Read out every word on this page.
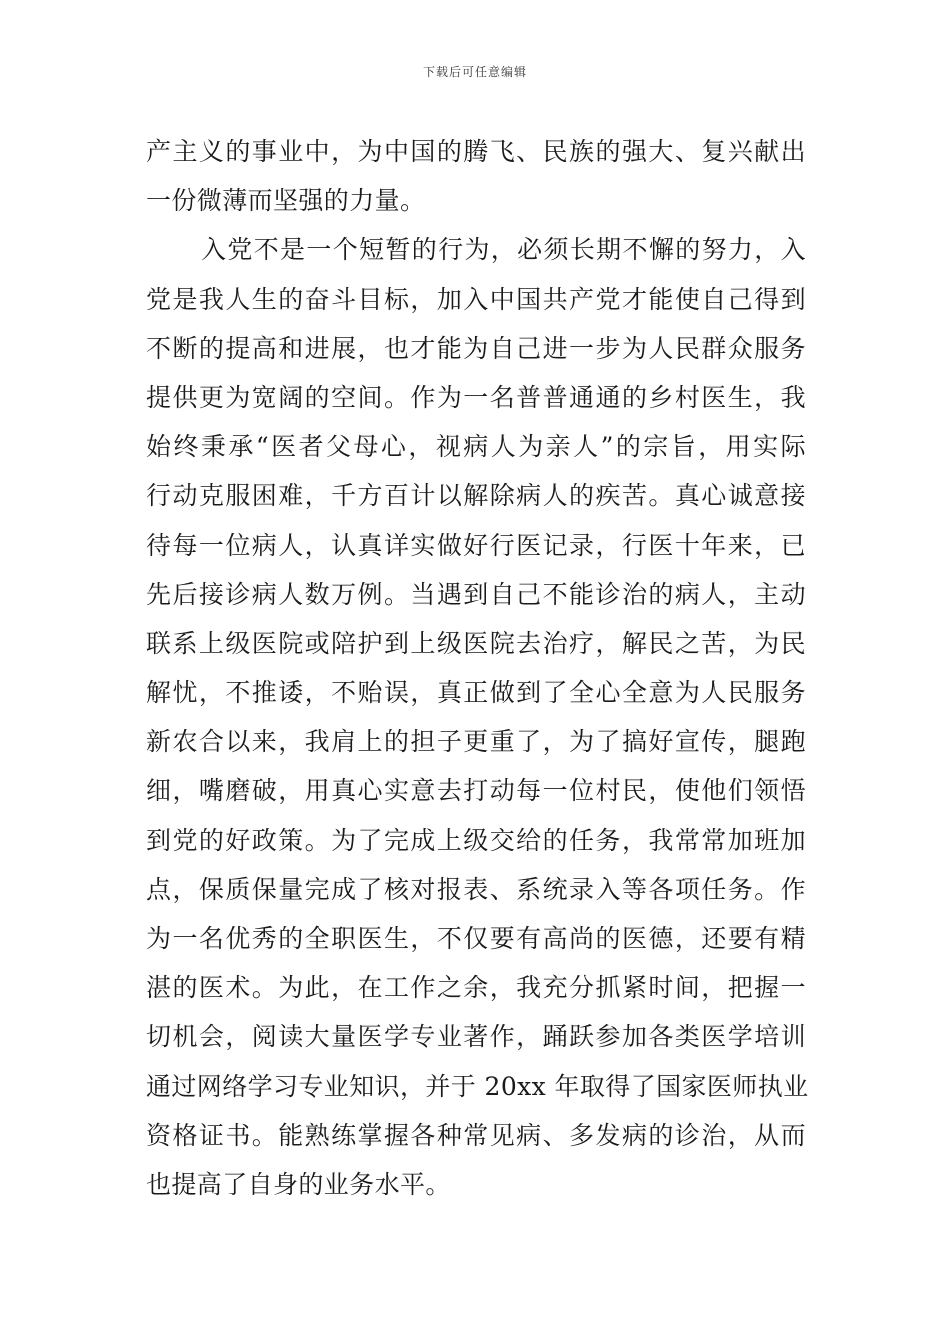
下载后可任意编辑
产主义的事业中，为中国的腾飞、民族的强大、复兴献出
一份微薄而坚强的力量。
入党不是一个短暂的行为，必须长期不懈的努力，入
党是我人生的奋斗目标，加入中国共产党才能使自己得到
不断的提高和进展，也才能为自己进一步为人民群众服务
提供更为宽阔的空间。作为一名普普通通的乡村医生，我
始终秉承“医者父母心，视病人为亲人”的宗旨，用实际
行动克服困难，千方百计以解除病人的疾苦。真心诚意接
待每一位病人，认真详实做好行医记录，行医十年来，已
先后接诊病人数万例。当遇到自己不能诊治的病人，主动
联系上级医院或陪护到上级医院去治疗，解民之苦，为民
解忧，不推诿，不贻误，真正做到了全心全意为人民服务
新农合以来，我肩上的担子更重了，为了搞好宣传，腿跑
细，嘴磨破，用真心实意去打动每一位村民，使他们领悟
到党的好政策。为了完成上级交给的任务，我常常加班加
点，保质保量完成了核对报表、系统录入等各项任务。作
为一名优秀的全职医生，不仅要有高尚的医德，还要有精
湛的医术。为此，在工作之余，我充分抓紧时间，把握一
切机会，阅读大量医学专业著作，踊跃参加各类医学培训
通过网络学习专业知识，并于 20xx 年取得了国家医师执业
资格证书。能熟练掌握各种常见病、多发病的诊治，从而
也提高了自身的业务水平。
